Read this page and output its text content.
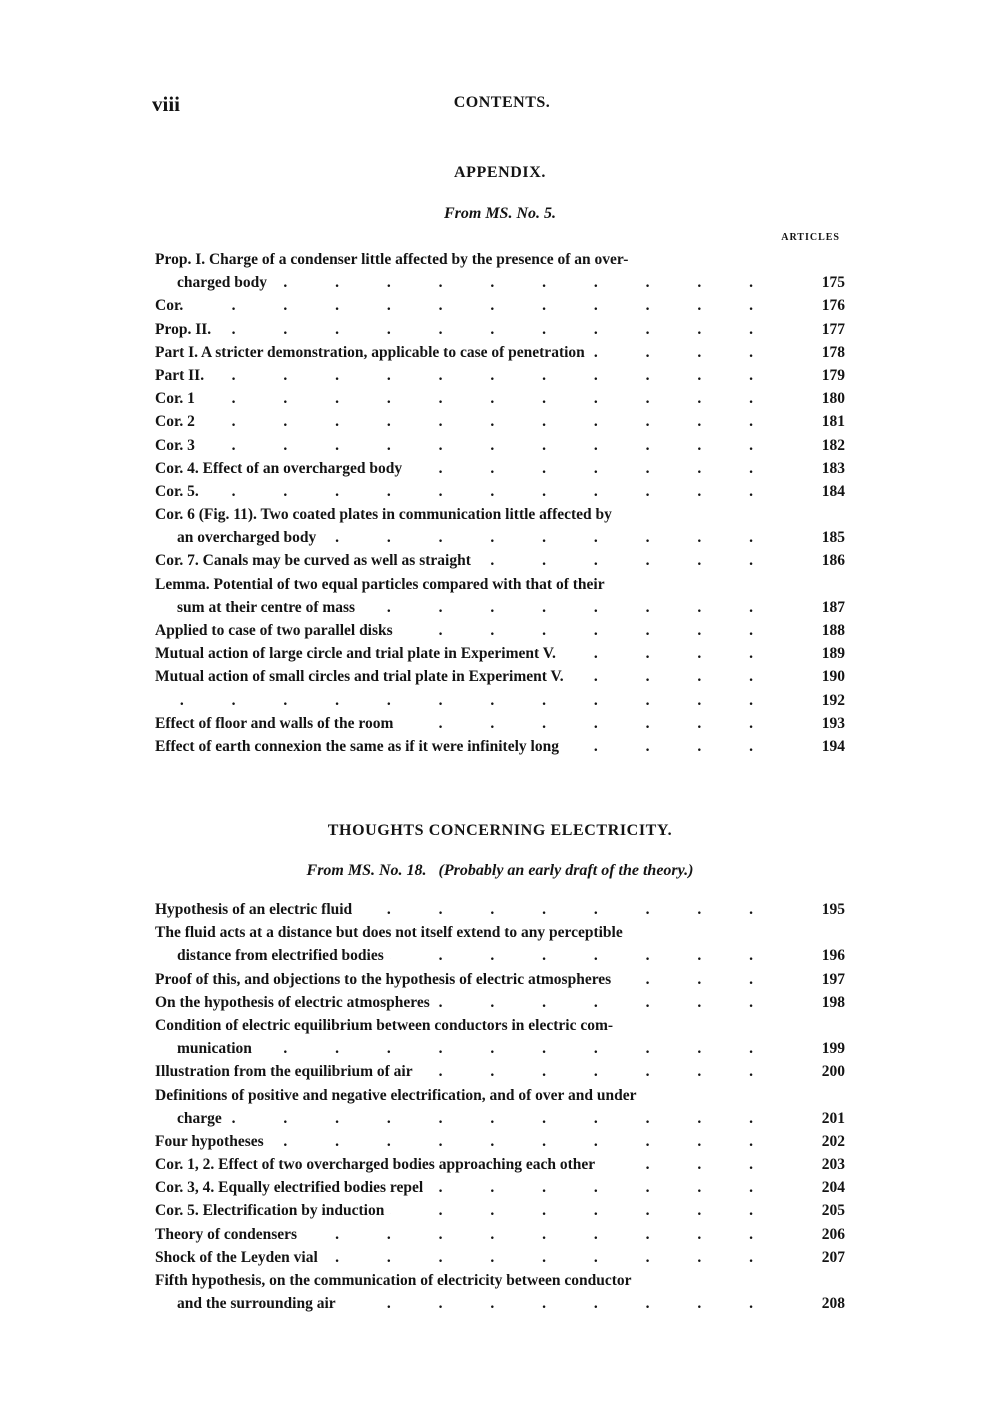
viii	CONTENTS.
APPENDIX.
From MS. No. 5.
ARTICLES
Prop. I. Charge of a condenser little affected by the presence of an over-
. . .
charged body	175
. . .
Cor.	176
. . .
Prop. II.	177
. . .
Part I. A stricter demonstration, applicable to case of penetration	178
. . .
Part II.	179
. . .
Cor. 1	180
. . .
Cor. 2	181
. . .
Cor. 3	182
. . .
Cor. 4. Effect of an overcharged body	183
. . .
Cor. 5.	184
Cor. 6 (Fig. 11). Two coated plates in communication little affected by
. . .
an overcharged body	185
. . .
Cor. 7. Canals may be curved as well as straight	186
Lemma. Potential of two equal particles compared with that of their
. . .
sum at their centre of mass	187
. . .
Applied to case of two parallel disks	188
. . .
Mutual action of large circle and trial plate in Experiment V.	189
. . .
Mutual action of small circles and trial plate in Experiment V.	190
. . .
192
. . .
Effect of floor and walls of the room	193
. . .
Effect of earth connexion the same as if it were infinitely long	194
THOUGHTS CONCERNING ELECTRICITY.
From MS. No. 18. (Probably an early draft of the theory.)
. . .
Hypothesis of an electric fluid	195
The fluid acts at a distance but does not itself extend to any perceptible
. . .
distance from electrified bodies	196
. . .
Proof of this, and objections to the hypothesis of electric atmospheres	197
. . .
On the hypothesis of electric atmospheres	198
Condition of electric equilibrium between conductors in electric com-
. . .
munication	199
. . .
Illustration from the equilibrium of air	200
Definitions of positive and negative electrification, and of over and under
. . .
charge	201
. . .
Four hypotheses	202
. . .
Cor. 1, 2. Effect of two overcharged bodies approaching each other	203
. . .
Cor. 3, 4. Equally electrified bodies repel	204
. . .
Cor. 5. Electrification by induction	205
. . .
Theory of condensers	206
. . .
Shock of the Leyden vial	207
Fifth hypothesis, on the communication of electricity between conductor
. . .
and the surrounding air	208
